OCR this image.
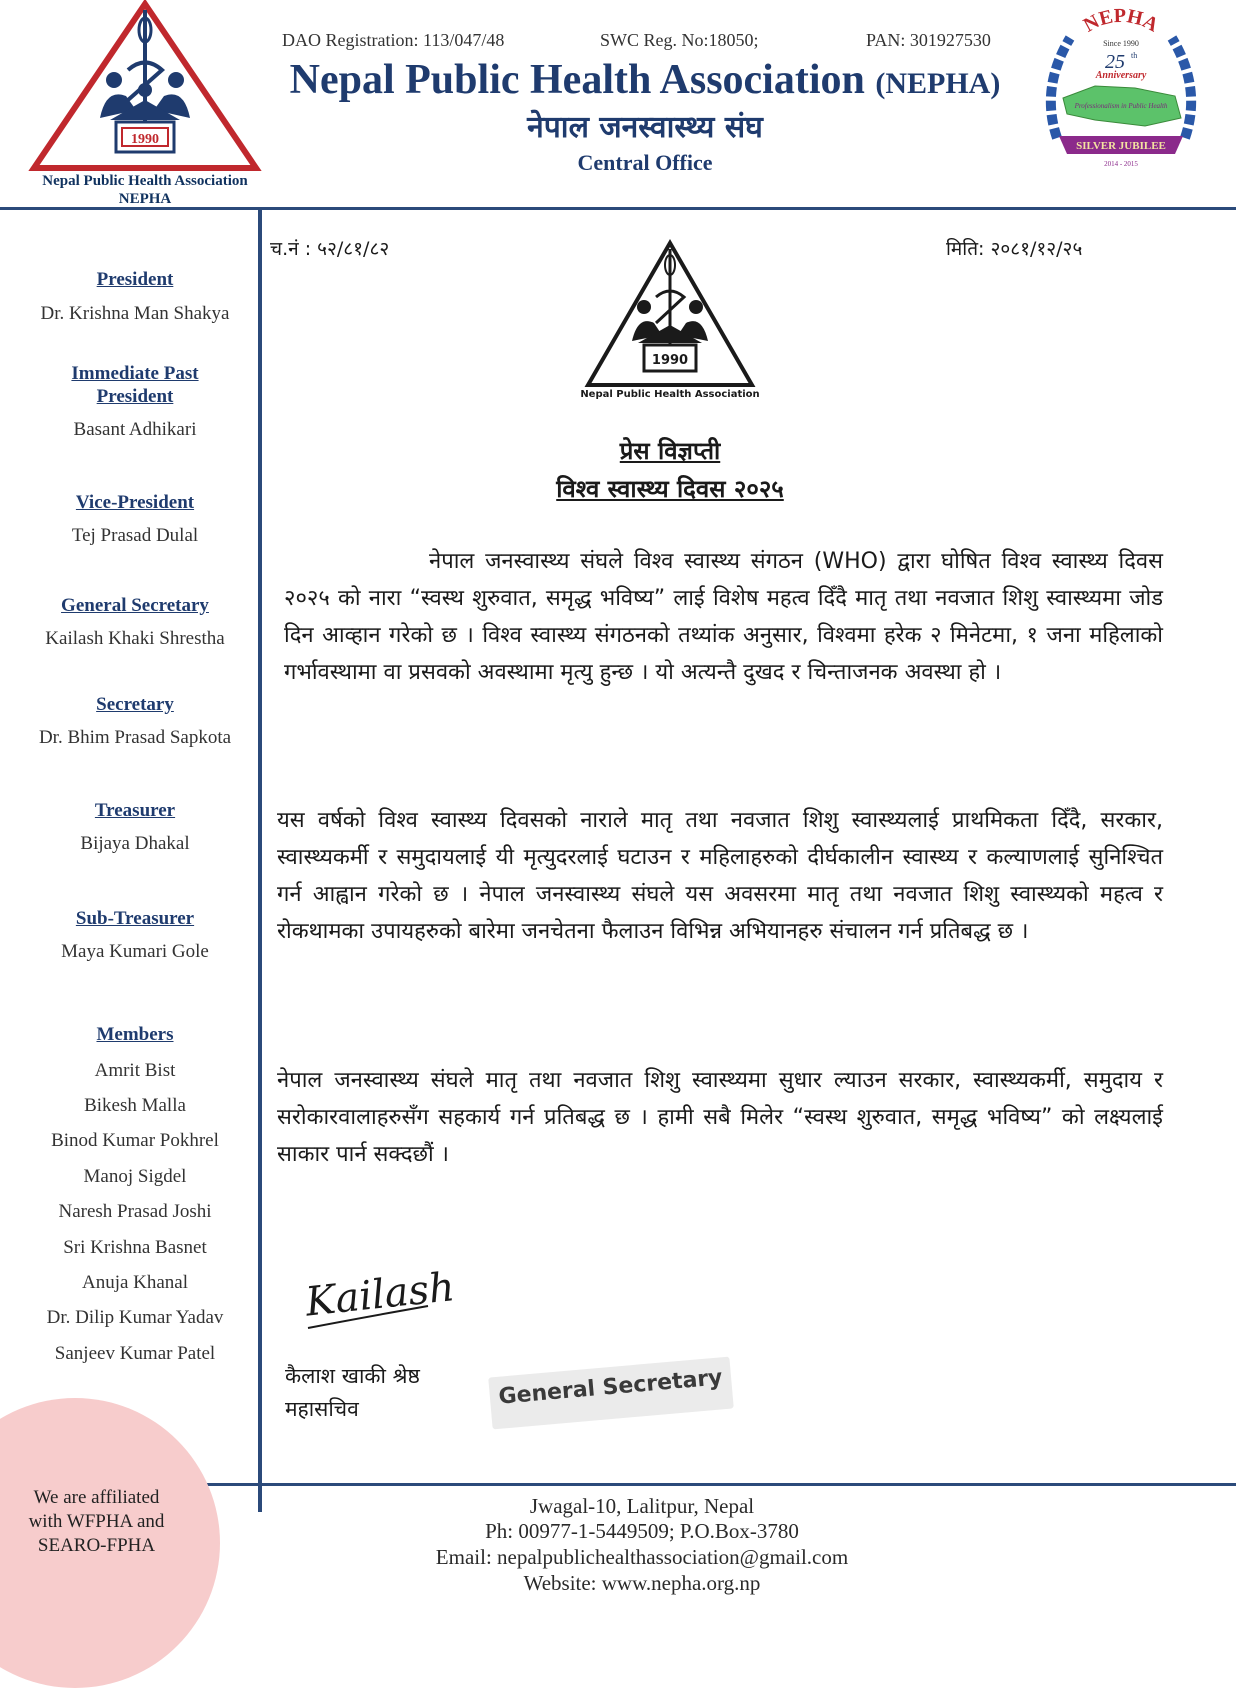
1990
Nepal Public Health Association
NEPHA
DAO Registration: 113/047/48	SWC Reg. No:18050;	PAN: 301927530
Nepal Public Health Association (NEPHA)
नेपाल जनस्वास्थ्य संघ
Central Office
NEPHA
Since 1990
25 th
Anniversary
Professionalism in Public Health
SILVER JUBILEE
2014 - 2015
President
Dr. Krishna Man Shakya
Immediate Past
President
Basant Adhikari
Vice-President
Tej Prasad Dulal
General Secretary
Kailash Khaki Shrestha
Secretary
Dr. Bhim Prasad Sapkota
Treasurer
Bijaya Dhakal
Sub-Treasurer
Maya Kumari Gole
Members
Amrit Bist
Bikesh Malla
Binod Kumar Pokhrel
Manoj Sigdel
Naresh Prasad Joshi
Sri Krishna Basnet
Anuja Khanal
Dr. Dilip Kumar Yadav
Sanjeev Kumar Patel
We are affiliated
with WFPHA and
SEARO-FPHA
च.नं : ५२/८१/८२	मिति: २०८१/१२/२५
1990
Nepal Public Health Association
प्रेस विज्ञप्ती
विश्व स्वास्थ्य दिवस २०२५
नेपाल जनस्वास्थ्य संघले विश्व स्वास्थ्य संगठन (WHO) द्वारा घोषित विश्व स्वास्थ्य दिवस २०२५ को नारा “स्वस्थ शुरुवात, समृद्ध भविष्य” लाई विशेष महत्व दिँदै मातृ तथा नवजात शिशु स्वास्थ्यमा जोड दिन आव्हान गरेको छ । विश्व स्वास्थ्य संगठनको तथ्यांक अनुसार, विश्वमा हरेक २ मिनेटमा, १ जना महिलाको गर्भावस्थामा वा प्रसवको अवस्थामा मृत्यु हुन्छ । यो अत्यन्तै दुखद र चिन्ताजनक अवस्था हो ।
यस वर्षको विश्व स्वास्थ्य दिवसको नाराले मातृ तथा नवजात शिशु स्वास्थ्यलाई प्राथमिकता दिँदै, सरकार, स्वास्थ्यकर्मी र समुदायलाई यी मृत्युदरलाई घटाउन र महिलाहरुको दीर्घकालीन स्वास्थ्य र कल्याणलाई सुनिश्चित गर्न आह्वान गरेको छ । नेपाल जनस्वास्थ्य संघले यस अवसरमा मातृ तथा नवजात शिशु स्वास्थ्यको महत्व र रोकथामका उपायहरुको बारेमा जनचेतना फैलाउन विभिन्न अभियानहरु संचालन गर्न प्रतिबद्ध छ ।
नेपाल जनस्वास्थ्य संघले मातृ तथा नवजात शिशु स्वास्थ्यमा सुधार ल्याउन सरकार, स्वास्थ्यकर्मी, समुदाय र सरोकारवालाहरुसँग सहकार्य गर्न प्रतिबद्ध छ । हामी सबै मिलेर “स्वस्थ शुरुवात, समृद्ध भविष्य” को लक्ष्यलाई साकार पार्न सक्दछौं ।
Kailash
कैलाश खाकी श्रेष्ठ
महासचिव	General Secretary
Jwagal-10, Lalitpur, Nepal
Ph: 00977-1-5449509; P.O.Box-3780
Email: nepalpublichealthassociation@gmail.com
Website: www.nepha.org.np
